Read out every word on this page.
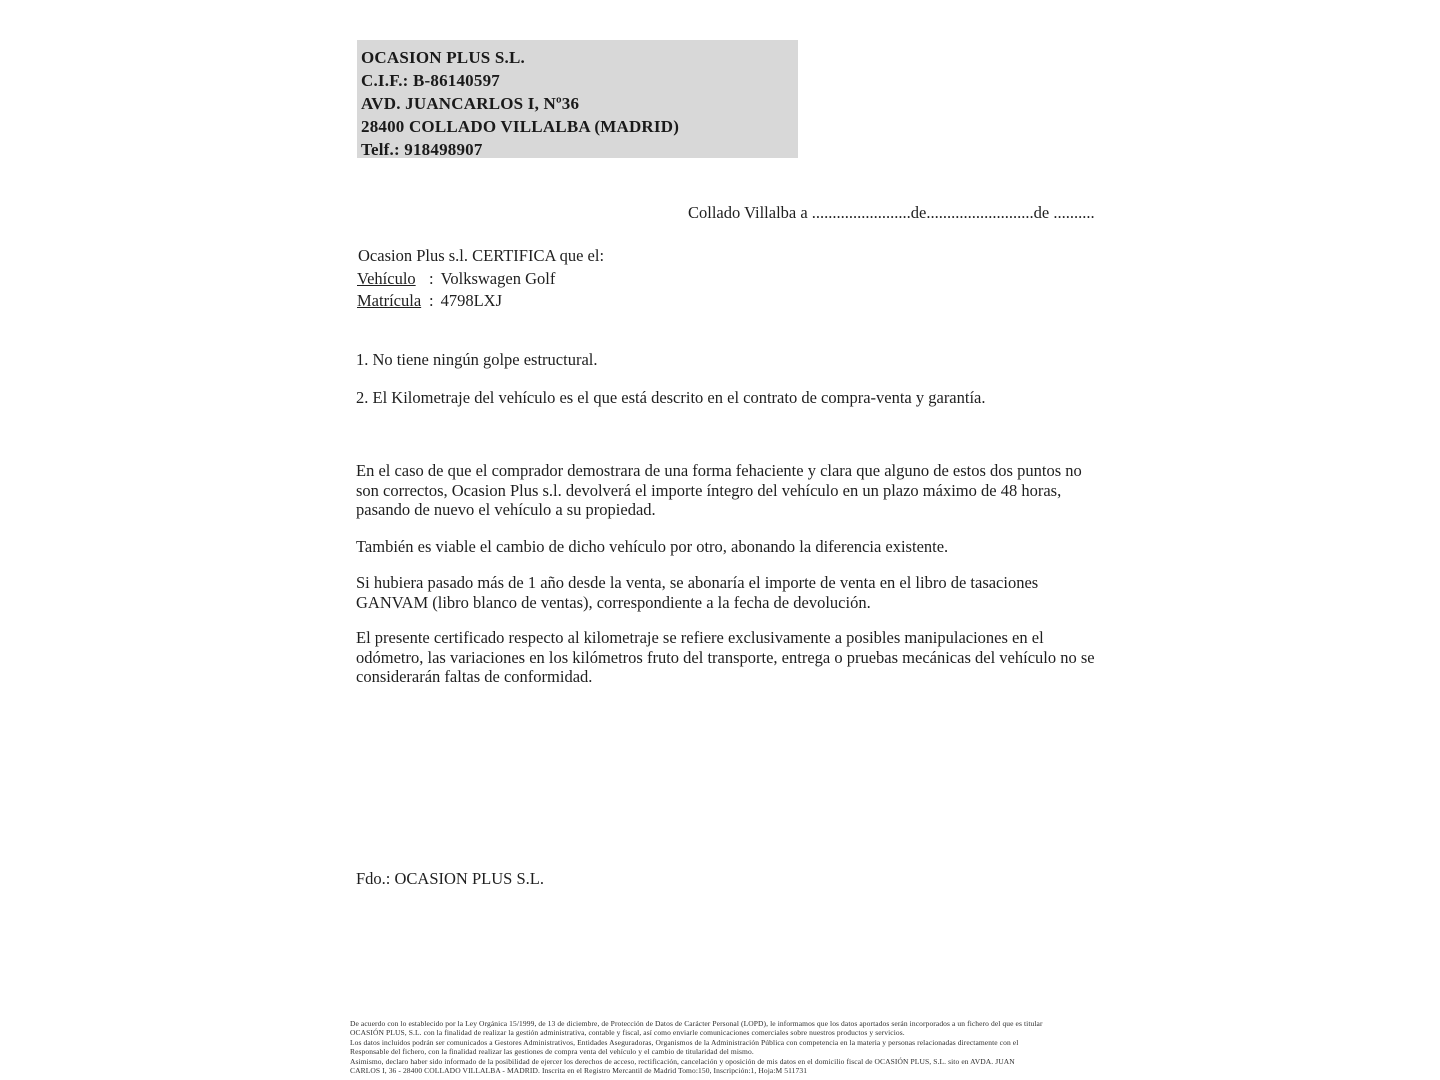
OCASION PLUS S.L.
C.I.F.: B-86140597
AVD. JUANCARLOS I, Nº36
28400 COLLADO VILLALBA (MADRID)
Telf.: 918498907
Collado Villalba a ........................de..........................de ..........
Ocasion Plus s.l. CERTIFICA que el:
Vehículo : Volkswagen Golf
Matrícula : 4798LXJ
1. No tiene ningún golpe estructural.
2. El Kilometraje del vehículo es el que está descrito en el contrato de compra-venta y garantía.
En el caso de que el comprador demostrara de una forma fehaciente y clara que alguno de estos dos puntos no son correctos, Ocasion Plus s.l. devolverá el importe íntegro del vehículo en un plazo máximo de 48 horas, pasando de nuevo el vehículo a su propiedad.
También es viable el cambio de dicho vehículo por otro, abonando la diferencia existente.
Si hubiera pasado más de 1 año desde la venta, se abonaría el importe de venta en el libro de tasaciones GANVAM (libro blanco de ventas), correspondiente a la fecha de devolución.
El presente certificado respecto al kilometraje se refiere exclusivamente a posibles manipulaciones en el odómetro, las variaciones en los kilómetros fruto del transporte, entrega o pruebas mecánicas del vehículo no se considerarán faltas de conformidad.
Fdo.: OCASION PLUS S.L.
De acuerdo con lo establecido por la Ley Orgánica 15/1999, de 13 de diciembre, de Protección de Datos de Carácter Personal (LOPD), le informamos que los datos aportados serán incorporados a un fichero del que es titular
OCASIÓN PLUS, S.L. con la finalidad de realizar la gestión administrativa, contable y fiscal, así como enviarle comunicaciones comerciales sobre nuestros productos y servicios.
Los datos incluidos podrán ser comunicados a Gestores Administrativos, Entidades Aseguradoras, Organismos de la Administración Pública con competencia en la materia y personas relacionadas directamente con el
Responsable del fichero, con la finalidad realizar las gestiones de compra venta del vehículo y el cambio de titularidad del mismo.
Asimismo, declaro haber sido informado de la posibilidad de ejercer los derechos de acceso, rectificación, cancelación y oposición de mis datos en el domicilio fiscal de OCASIÓN PLUS, S.L. sito en AVDA. JUAN
CARLOS I, 36 - 28400 COLLADO VILLALBA - MADRID. Inscrita en el Registro Mercantil de Madrid Tomo:150, Inscripción:1, Hoja:M 511731
